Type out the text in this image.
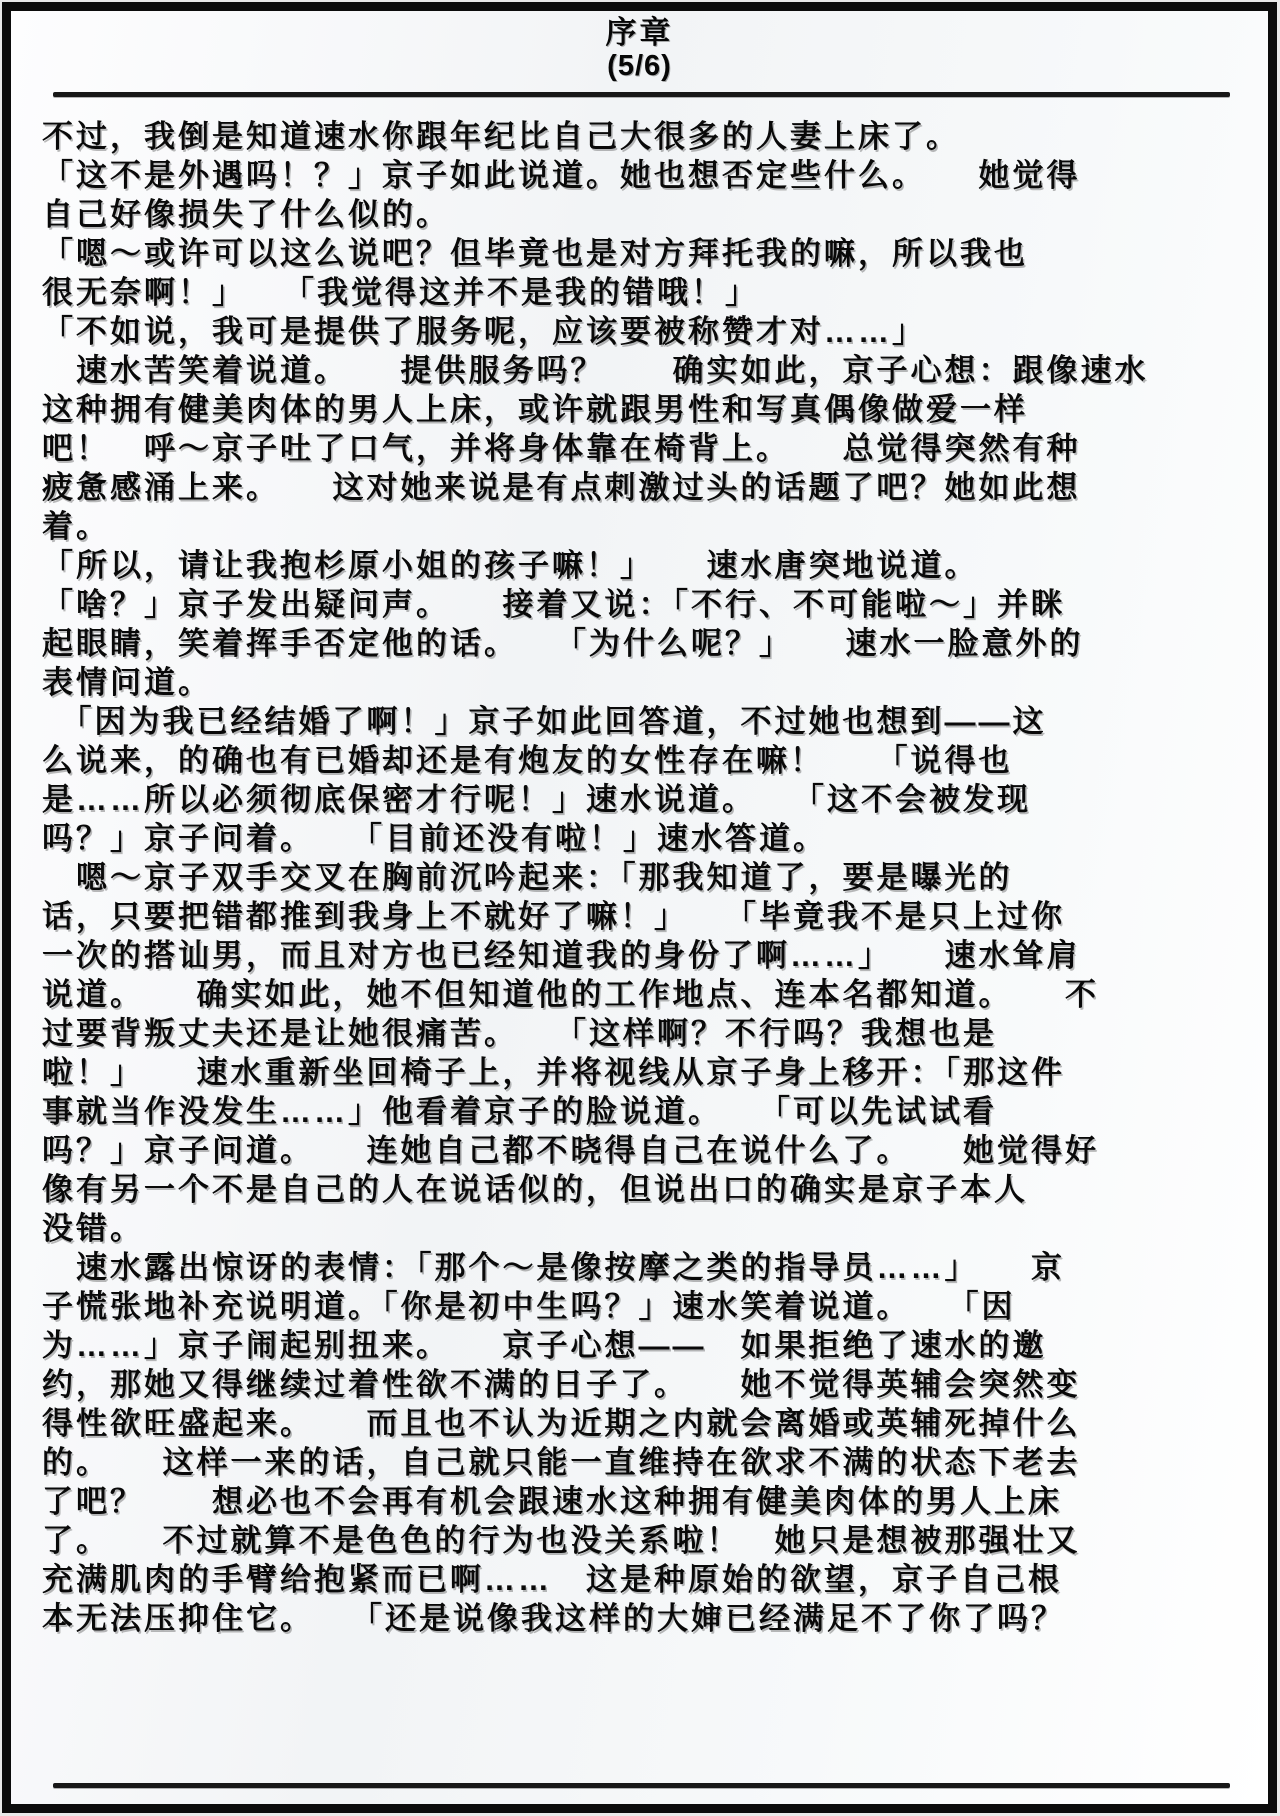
序章
(5/6)
不过，我倒是知道速水你跟年纪比自己大很多的人妻上床了。
「这不是外遇吗！？」京子如此说道。她也想否定些什么。　　她觉得
自己好像损失了什么似的。
「嗯～或许可以这么说吧？但毕竟也是对方拜托我的嘛，所以我也
很无奈啊！」　　「我觉得这并不是我的错哦！」
「不如说，我可是提供了服务呢，应该要被称赞才对……」
　速水苦笑着说道。　　提供服务吗？　　确实如此，京子心想：跟像速水
这种拥有健美肉体的男人上床，或许就跟男性和写真偶像做爱一样
吧！　呼～京子吐了口气，并将身体靠在椅背上。　　总觉得突然有种
疲惫感涌上来。　　这对她来说是有点刺激过头的话题了吧？她如此想
着。
「所以，请让我抱杉原小姐的孩子嘛！」　　速水唐突地说道。
「啥？」京子发出疑问声。　　接着又说：「不行、不可能啦～」并眯
起眼睛，笑着挥手否定他的话。　　「为什么呢？」　　速水一脸意外的
表情问道。
　「因为我已经结婚了啊！」京子如此回答道，不过她也想到——这
么说来，的确也有已婚却还是有炮友的女性存在嘛！　　「说得也
是……所以必须彻底保密才行呢！」速水说道。　　「这不会被发现
吗？」京子问着。　　「目前还没有啦！」速水答道。
　嗯～京子双手交叉在胸前沉吟起来：「那我知道了，要是曝光的
话，只要把错都推到我身上不就好了嘛！」　　「毕竟我不是只上过你
一次的搭讪男，而且对方也已经知道我的身份了啊……」　　速水耸肩
说道。　　确实如此，她不但知道他的工作地点、连本名都知道。　　不
过要背叛丈夫还是让她很痛苦。　　「这样啊？不行吗？我想也是
啦！」　　速水重新坐回椅子上，并将视线从京子身上移开：「那这件
事就当作没发生……」他看着京子的脸说道。　　「可以先试试看
吗？」京子问道。　　连她自己都不晓得自己在说什么了。　　她觉得好
像有另一个不是自己的人在说话似的，但说出口的确实是京子本人
没错。
　速水露出惊讶的表情：「那个～是像按摩之类的指导员……」　　京
子慌张地补充说明道。「你是初中生吗？」速水笑着说道。　　「因
为……」京子闹起别扭来。　　京子心想——　如果拒绝了速水的邀
约，那她又得继续过着性欲不满的日子了。　　她不觉得英辅会突然变
得性欲旺盛起来。　　而且也不认为近期之内就会离婚或英辅死掉什么
的。　　这样一来的话，自己就只能一直维持在欲求不满的状态下老去
了吧？　　想必也不会再有机会跟速水这种拥有健美肉体的男人上床
了。　　不过就算不是色色的行为也没关系啦！　她只是想被那强壮又
充满肌肉的手臂给抱紧而已啊……　这是种原始的欲望，京子自己根
本无法压抑住它。　　「还是说像我这样的大婶已经满足不了你了吗？
